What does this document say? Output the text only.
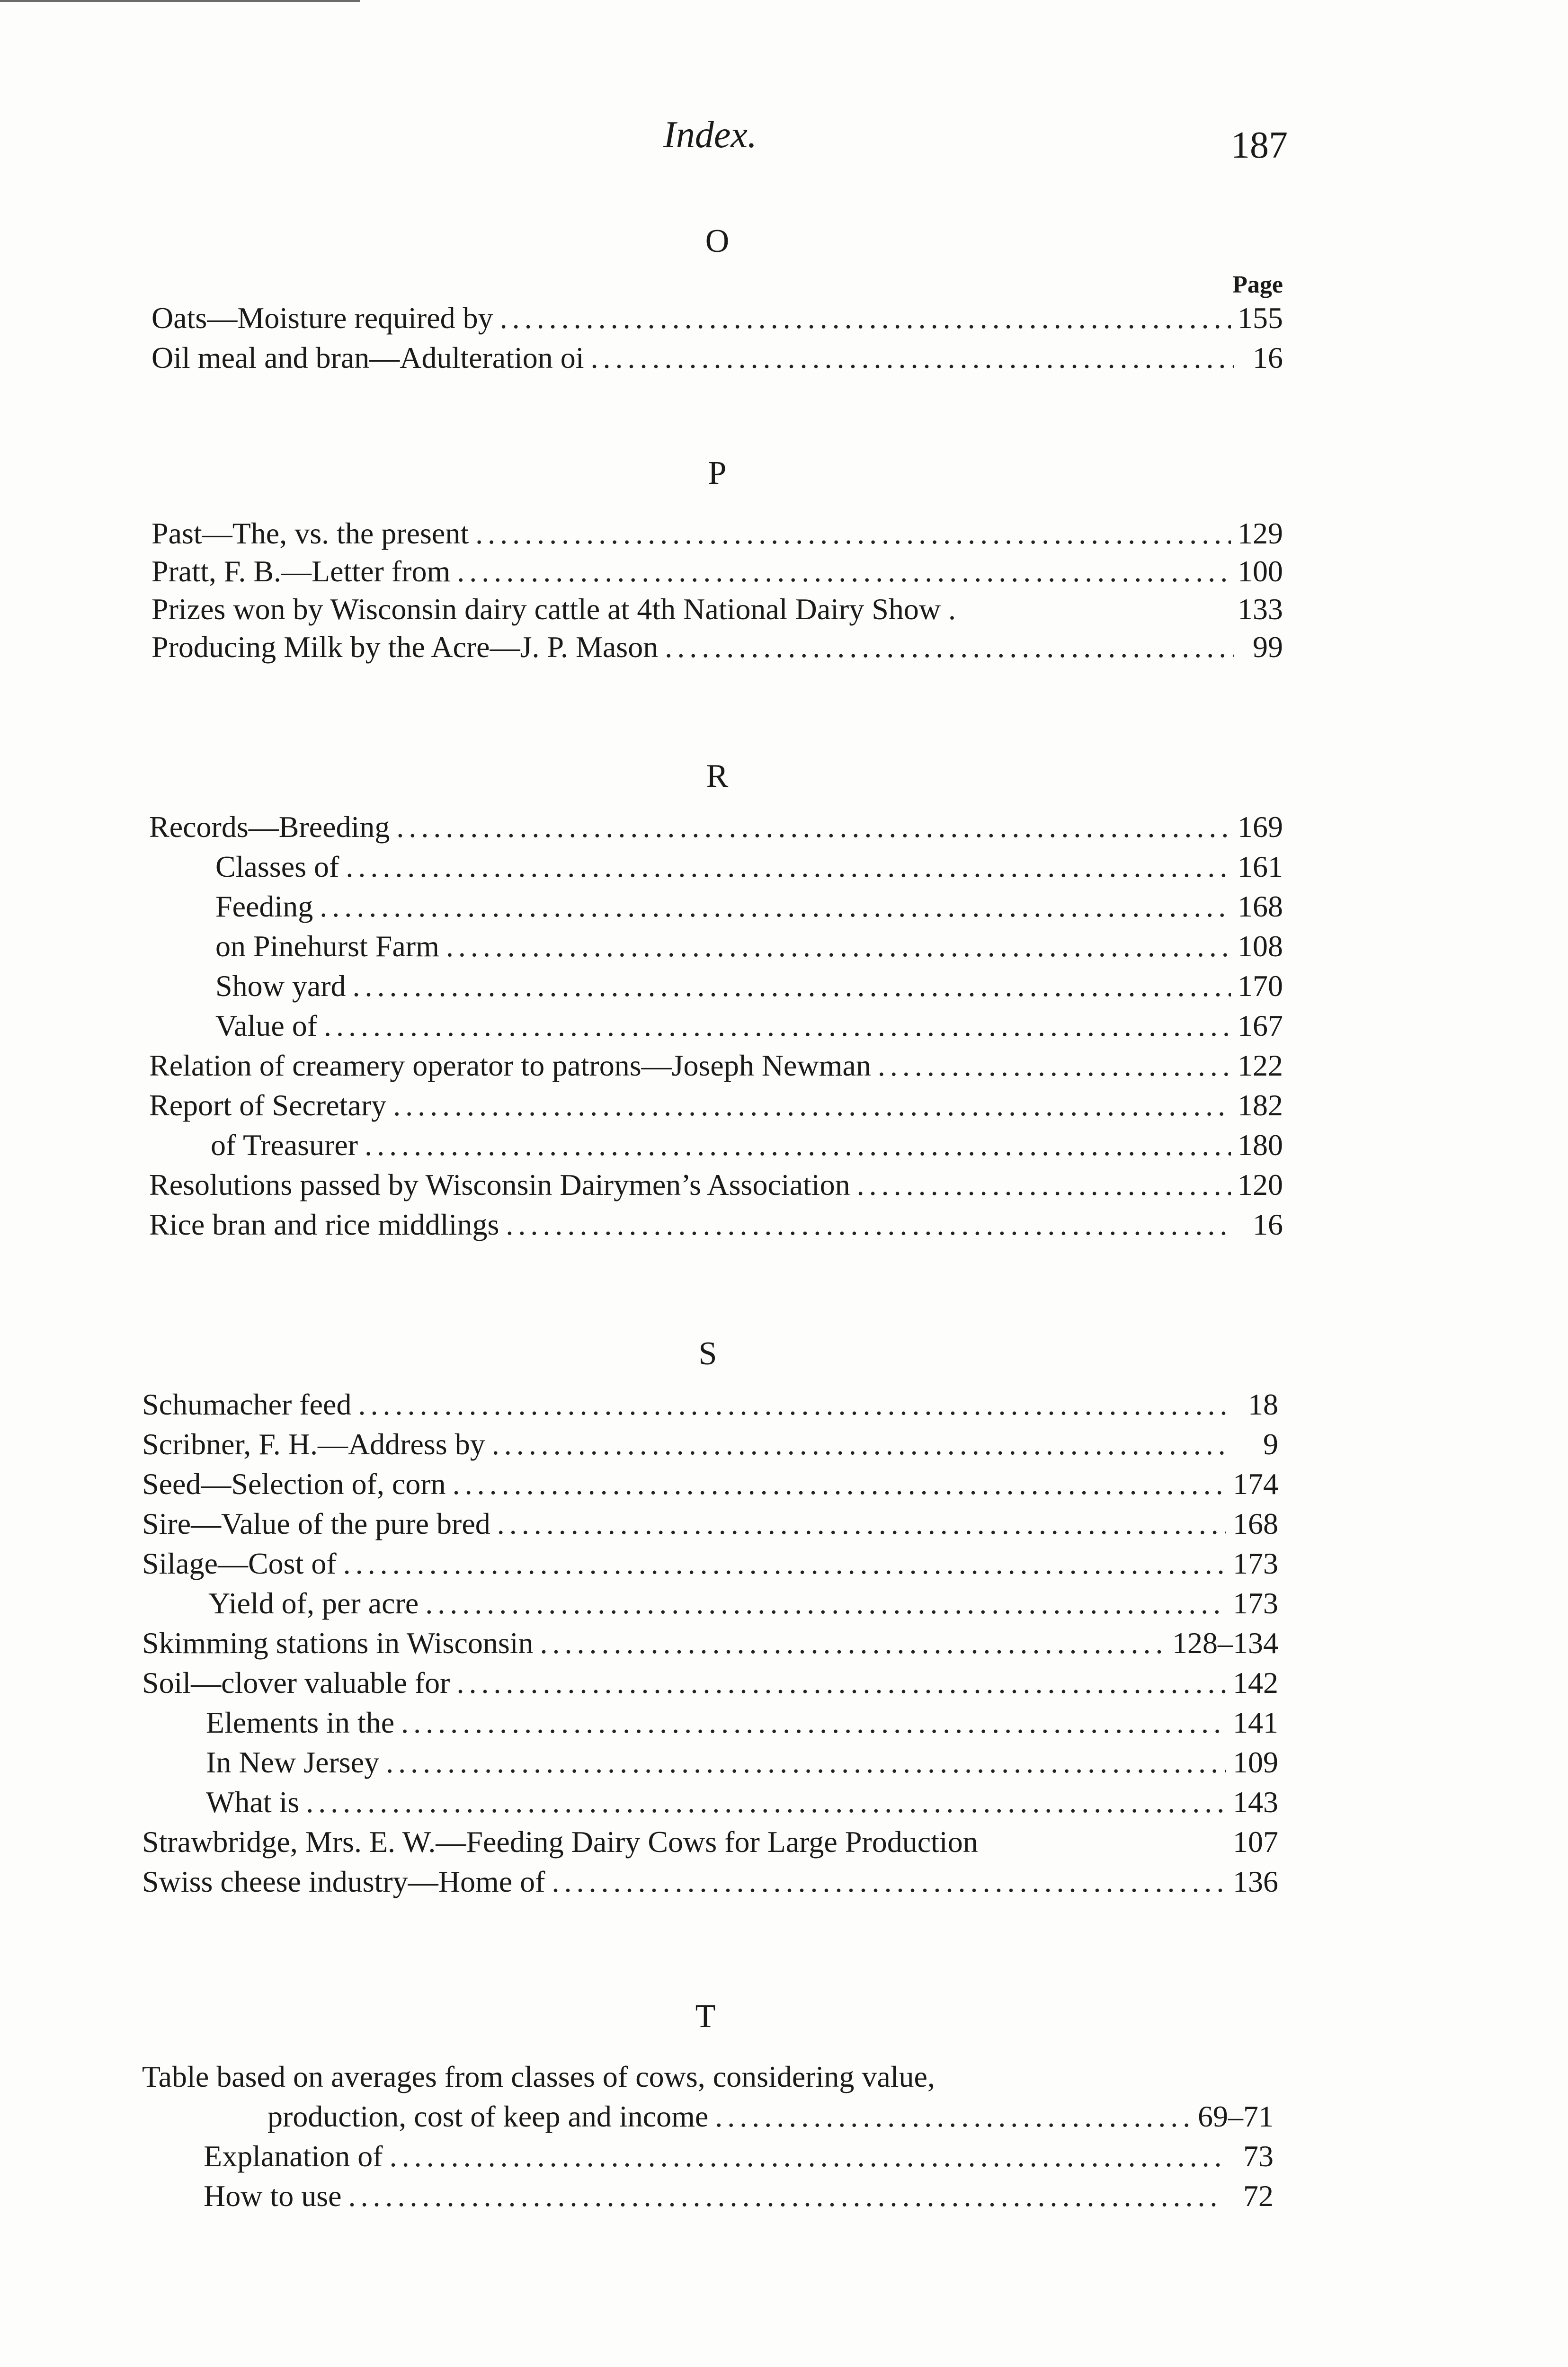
Index.	187
O
Page
Oats—Moisture required by .....	155
Oil meal and bran—Adulteration oi .....	16
P
Past—The, vs. the present .....	129
Pratt, F. B.—Letter from .....	100
Prizes won by Wisconsin dairy cattle at 4th National Dairy Show .	133
Producing Milk by the Acre—J. P. Mason .....	99
R
Records—Breeding .....	169
Classes of .....	161
Feeding .....	168
on Pinehurst Farm .....	108
Show yard .....	170
Value of .....	167
Relation of creamery operator to patrons—Joseph Newman .....	122
Report of Secretary .....	182
of Treasurer .....	180
Resolutions passed by Wisconsin Dairymen’s Association .....	120
Rice bran and rice middlings .....	16
S
Schumacher feed .....	18
Scribner, F. H.—Address by .....	9
Seed—Selection of, corn .....	174
Sire—Value of the pure bred .....	168
Silage—Cost of .....	173
Yield of, per acre .....	173
Skimming stations in Wisconsin .....	128–134
Soil—clover valuable for .....	142
Elements in the .....	141
In New Jersey .....	109
What is .....	143
Strawbridge, Mrs. E. W.—Feeding Dairy Cows for Large Production	107
Swiss cheese industry—Home of .....	136
T
Table based on averages from classes of cows, considering value,
production, cost of keep and income .....	69–71
Explanation of .....	73
How to use .....	72
